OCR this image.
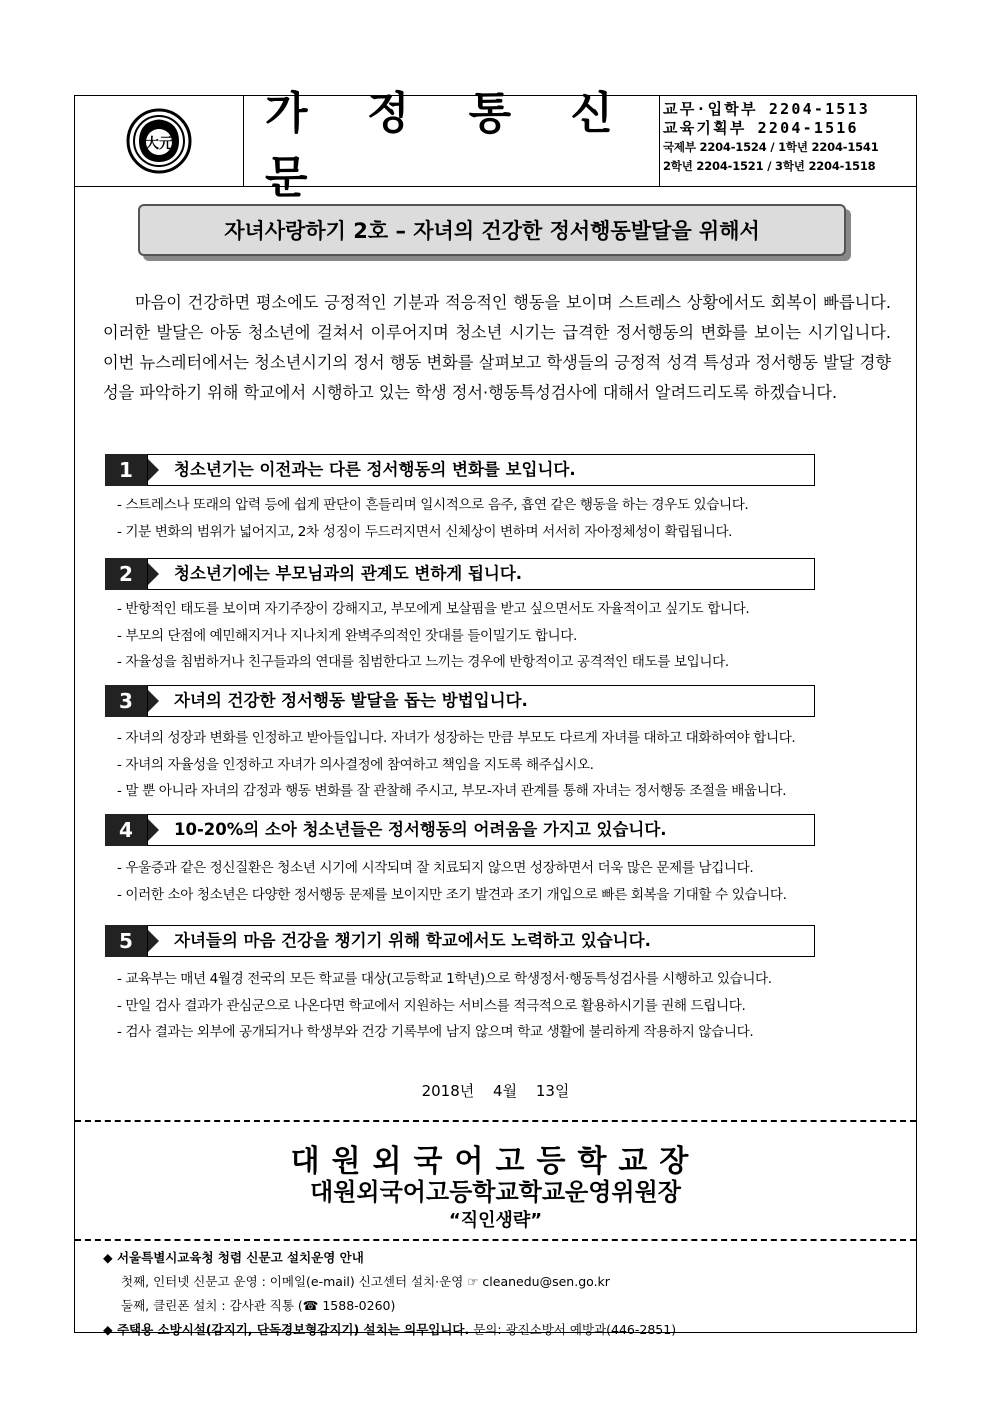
大元
가 정 통 신 문
교무·입학부 2204-1513
교육기획부 2204-1516
국제부 2204-1524 / 1학년 2204-1541
2학년 2204-1521 / 3학년 2204-1518
자녀사랑하기 2호 – 자녀의 건강한 정서행동발달을 위해서
마음이 건강하면 평소에도 긍정적인 기분과 적응적인 행동을 보이며 스트레스 상황에서도 회복이 빠릅니다. 이러한 발달은 아동 청소년에 걸쳐서 이루어지며 청소년 시기는 급격한 정서행동의 변화를 보이는 시기입니다. 이번 뉴스레터에서는 청소년시기의 정서 행동 변화를 살펴보고 학생들의 긍정적 성격 특성과 정서행동 발달 경향성을 파악하기 위해 학교에서 시행하고 있는 학생 정서·행동특성검사에 대해서 알려드리도록 하겠습니다.
1	청소년기는 이전과는 다른 정서행동의 변화를 보입니다.
- 스트레스나 또래의 압력 등에 쉽게 판단이 흔들리며 일시적으로 음주, 흡연 같은 행동을 하는 경우도 있습니다.
- 기분 변화의 범위가 넓어지고, 2차 성징이 두드러지면서 신체상이 변하며 서서히 자아정체성이 확립됩니다.
2	청소년기에는 부모님과의 관계도 변하게 됩니다.
- 반항적인 태도를 보이며 자기주장이 강해지고, 부모에게 보살핌을 받고 싶으면서도 자율적이고 싶기도 합니다.
- 부모의 단점에 예민해지거나 지나치게 완벽주의적인 잣대를 들이밀기도 합니다.
- 자율성을 침범하거나 친구들과의 연대를 침범한다고 느끼는 경우에 반항적이고 공격적인 태도를 보입니다.
3	자녀의 건강한 정서행동 발달을 돕는 방법입니다.
- 자녀의 성장과 변화를 인정하고 받아들입니다. 자녀가 성장하는 만큼 부모도 다르게 자녀를 대하고 대화하여야 합니다.
- 자녀의 자율성을 인정하고 자녀가 의사결정에 참여하고 책임을 지도록 해주십시오.
- 말 뿐 아니라 자녀의 감정과 행동 변화를 잘 관찰해 주시고, 부모-자녀 관계를 통해 자녀는 정서행동 조절을 배웁니다.
4	10-20%의 소아 청소년들은 정서행동의 어려움을 가지고 있습니다.
- 우울증과 같은 정신질환은 청소년 시기에 시작되며 잘 치료되지 않으면 성장하면서 더욱 많은 문제를 남깁니다.
- 이러한 소아 청소년은 다양한 정서행동 문제를 보이지만 조기 발견과 조기 개입으로 빠른 회복을 기대할 수 있습니다.
5	자녀들의 마음 건강을 챙기기 위해 학교에서도 노력하고 있습니다.
- 교육부는 매년 4월경 전국의 모든 학교를 대상(고등학교 1학년)으로 학생정서·행동특성검사를 시행하고 있습니다.
- 만일 검사 결과가 관심군으로 나온다면 학교에서 지원하는 서비스를 적극적으로 활용하시기를 권해 드립니다.
- 검사 결과는 외부에 공개되거나 학생부와 건강 기록부에 남지 않으며 학교 생활에 불리하게 작용하지 않습니다.
2018년 4월 13일
대원외국어고등학교장
대원외국어고등학교학교운영위원장
“직인생략”
◆ 서울특별시교육청 청렴 신문고 설치운영 안내
첫째, 인터넷 신문고 운영 : 이메일(e-mail) 신고센터 설치·운영 ☞ cleanedu@sen.go.kr
둘째, 클린폰 설치 : 감사관 직통 (☎ 1588-0260)
◆ 주택용 소방시설(감지기, 단독경보형감지기) 설치는 의무입니다. 문의: 광진소방서 예방과(446-2851)
